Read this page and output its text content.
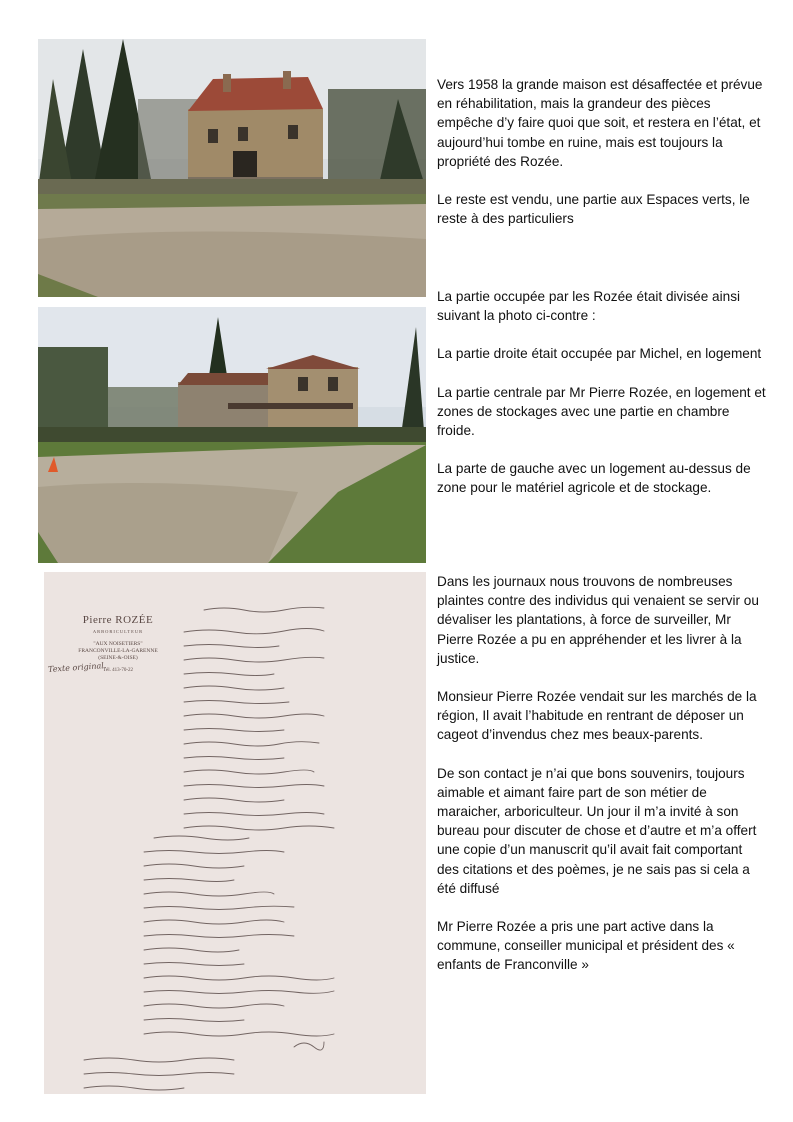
Pierre ROZÉE
ARBORICULTEUR
"AUX NOISETIERS"
FRANCONVILLE-LA-GARENNE
(SEINE-&-OISE)
Tél. 413-70-22
Texte original.

Vers 1958 la grande maison est désaffectée et prévue en réhabilitation, mais la grandeur des pièces empêche d’y faire quoi que soit, et restera en l’état, et aujourd’hui tombe en ruine, mais est toujours la propriété des Rozée.

Le reste est vendu, une partie aux Espaces verts, le reste à des particuliers

La partie occupée par les Rozée était divisée ainsi suivant la photo ci-contre :

La partie droite était occupée par Michel, en logement

La partie centrale par Mr Pierre Rozée, en logement et zones de stockages avec une partie en chambre froide.

La parte de gauche avec un logement au-dessus de zone pour le matériel agricole et de stockage.

Dans les journaux nous trouvons de nombreuses plaintes contre des individus qui venaient se servir ou dévaliser les plantations, à force de surveiller, Mr Pierre Rozée a pu en appréhender et les livrer à la justice.

Monsieur Pierre Rozée vendait sur les marchés de la région, Il avait l’habitude en rentrant de déposer un cageot d’invendus chez mes beaux-parents.

De son contact je n’ai que bons souvenirs, toujours aimable et aimant faire part de son métier de maraicher, arboriculteur. Un jour il m’a invité à son bureau pour discuter de chose et d’autre et m’a offert une copie d’un manuscrit qu’il avait fait comportant des citations et des poèmes, je ne sais pas si cela a été diffusé

Mr Pierre Rozée a pris une part active dans la commune, conseiller municipal et président des « enfants de Franconville »
